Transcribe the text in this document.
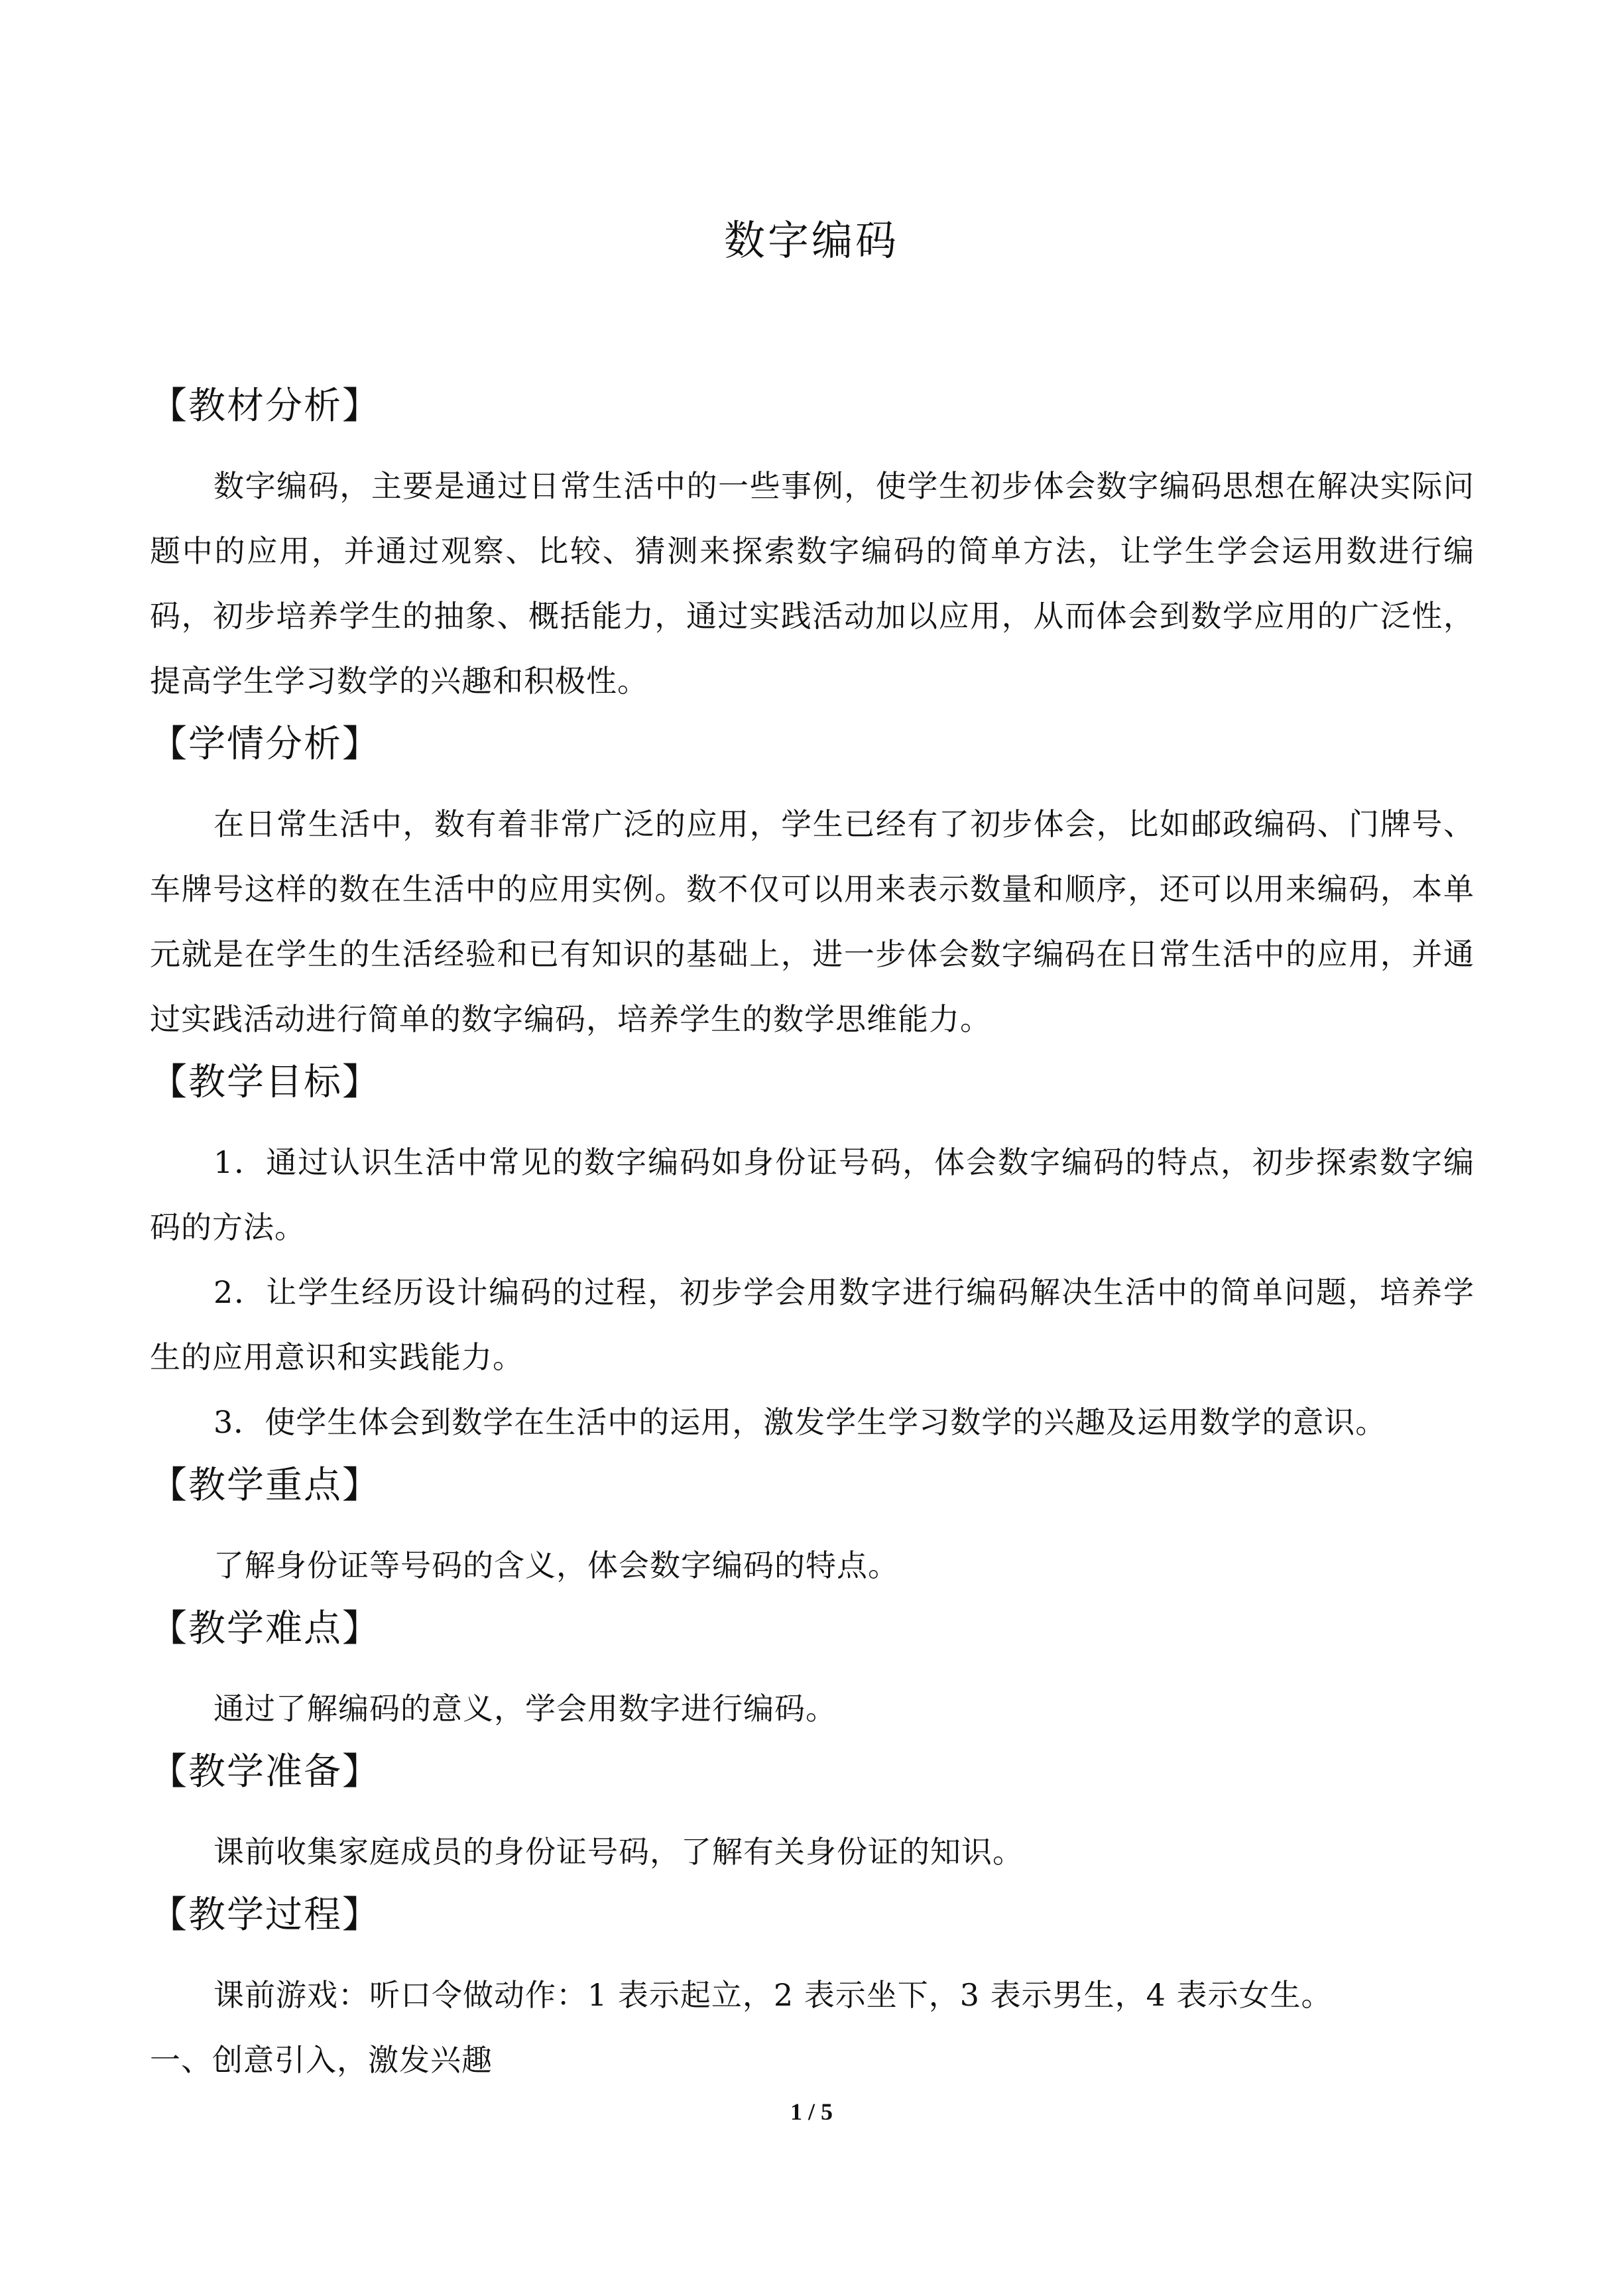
数字编码
【教材分析】

数字编码，主要是通过日常生活中的一些事例，使学生初步体会数字编码思想在解决实际问题中的应用，并通过观察、比较、猜测来探索数字编码的简单方法，让学生学会运用数进行编码，初步培养学生的抽象、概括能力，通过实践活动加以应用，从而体会到数学应用的广泛性，提高学生学习数学的兴趣和积极性。

【学情分析】

在日常生活中，数有着非常广泛的应用，学生已经有了初步体会，比如邮政编码、门牌号、车牌号这样的数在生活中的应用实例。数不仅可以用来表示数量和顺序，还可以用来编码，本单元就是在学生的生活经验和已有知识的基础上，进一步体会数字编码在日常生活中的应用，并通过实践活动进行简单的数字编码，培养学生的数学思维能力。

【教学目标】

1．通过认识生活中常见的数字编码如身份证号码，体会数字编码的特点，初步探索数字编码的方法。

2．让学生经历设计编码的过程，初步学会用数字进行编码解决生活中的简单问题，培养学生的应用意识和实践能力。

3．使学生体会到数学在生活中的运用，激发学生学习数学的兴趣及运用数学的意识。

【教学重点】

了解身份证等号码的含义，体会数字编码的特点。

【教学难点】

通过了解编码的意义，学会用数字进行编码。

【教学准备】

课前收集家庭成员的身份证号码，了解有关身份证的知识。

【教学过程】

课前游戏：听口令做动作：1 表示起立，2 表示坐下，3 表示男生，4 表示女生。

一、创意引入，激发兴趣

1 / 5
